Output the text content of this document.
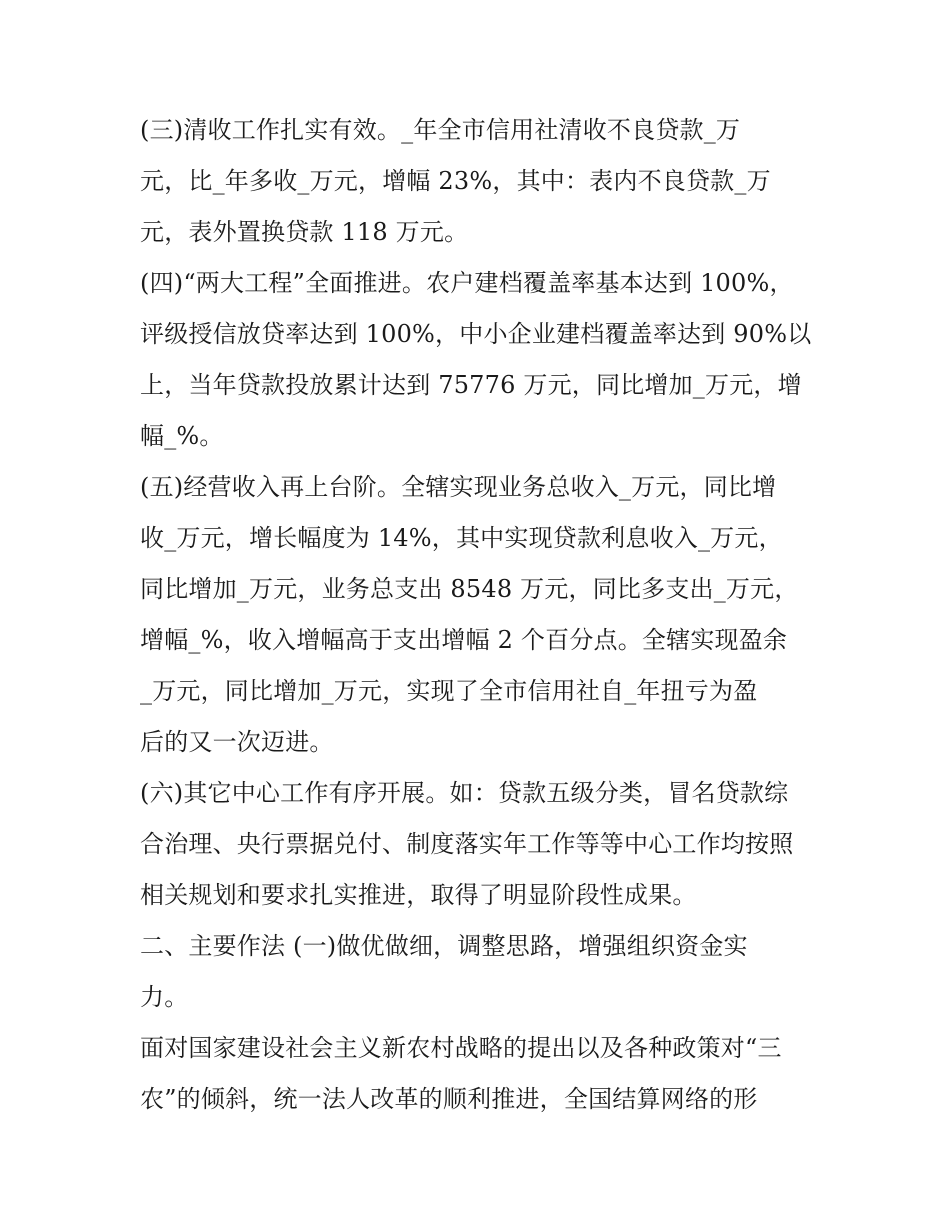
(三)清收工作扎实有效。_年全市信用社清收不良贷款_万
元，比_年多收_万元，增幅 23%，其中：表内不良贷款_万
元，表外置换贷款 118 万元。
(四)“两大工程”全面推进。农户建档覆盖率基本达到 100%，
评级授信放贷率达到 100%，中小企业建档覆盖率达到 90%以
上，当年贷款投放累计达到 75776 万元，同比增加_万元，增
幅_%。
(五)经营收入再上台阶。全辖实现业务总收入_万元，同比增
收_万元，增长幅度为 14%，其中实现贷款利息收入_万元，
同比增加_万元，业务总支出 8548 万元，同比多支出_万元，
增幅_%，收入增幅高于支出增幅 2 个百分点。全辖实现盈余
_万元，同比增加_万元，实现了全市信用社自_年扭亏为盈
后的又一次迈进。
(六)其它中心工作有序开展。如：贷款五级分类，冒名贷款综
合治理、央行票据兑付、制度落实年工作等等中心工作均按照
相关规划和要求扎实推进，取得了明显阶段性成果。
二、主要作法 (一)做优做细，调整思路，增强组织资金实
力。
面对国家建设社会主义新农村战略的提出以及各种政策对“三
农”的倾斜，统一法人改革的顺利推进，全国结算网络的形
